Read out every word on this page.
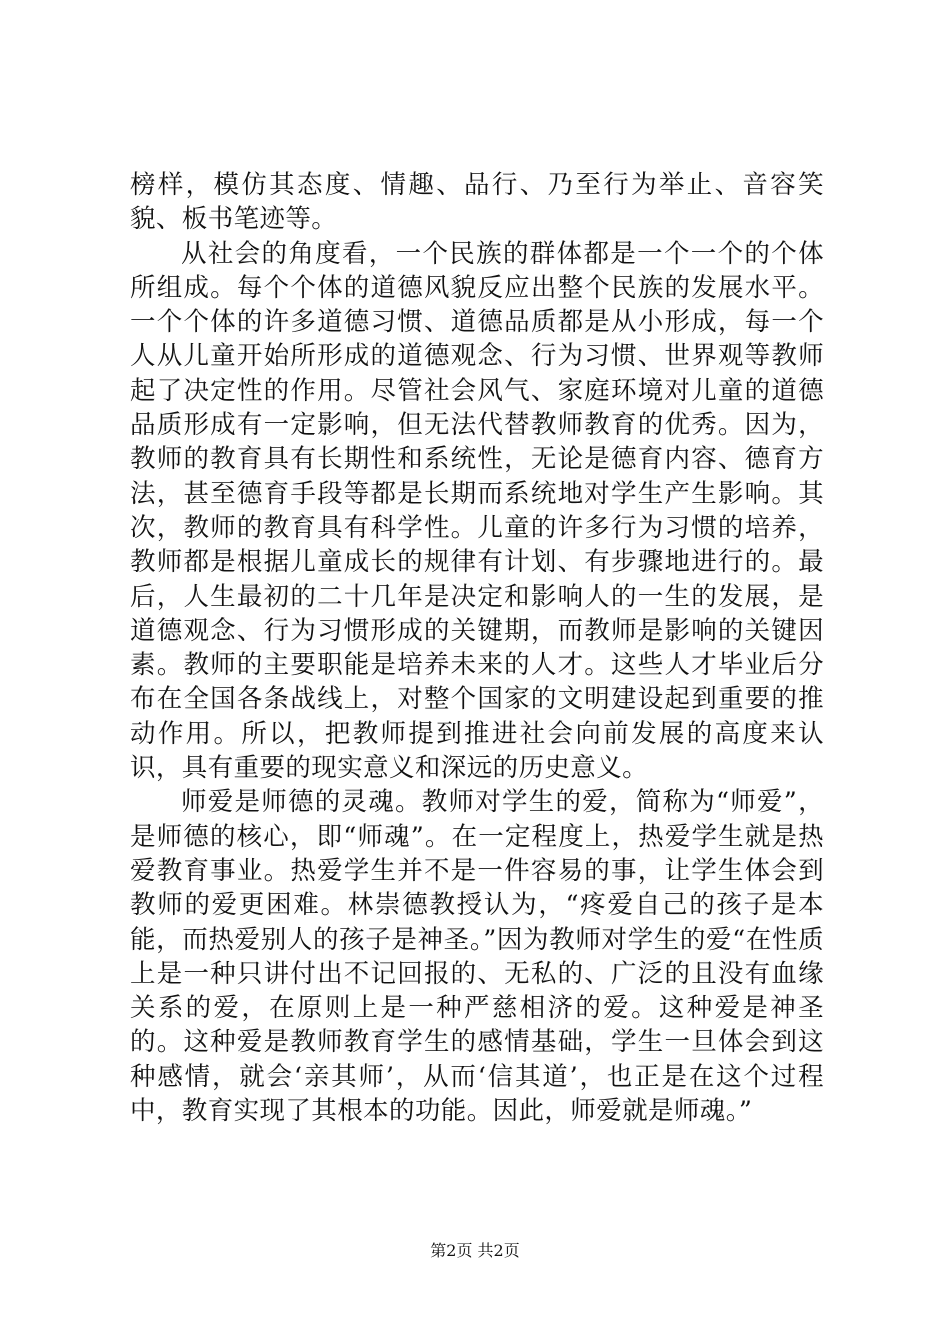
榜样，模仿其态度、情趣、品行、乃至行为举止、音容笑貌、板书笔迹等。

从社会的角度看，一个民族的群体都是一个一个的个体所组成。每个个体的道德风貌反应出整个民族的发展水平。一个个体的许多道德习惯、道德品质都是从小形成，每一个人从儿童开始所形成的道德观念、行为习惯、世界观等教师起了决定性的作用。尽管社会风气、家庭环境对儿童的道德品质形成有一定影响，但无法代替教师教育的优秀。因为，教师的教育具有长期性和系统性，无论是德育内容、德育方法，甚至德育手段等都是长期而系统地对学生产生影响。其次，教师的教育具有科学性。儿童的许多行为习惯的培养，教师都是根据儿童成长的规律有计划、有步骤地进行的。最后，人生最初的二十几年是决定和影响人的一生的发展，是道德观念、行为习惯形成的关键期，而教师是影响的关键因素。教师的主要职能是培养未来的人才。这些人才毕业后分布在全国各条战线上，对整个国家的文明建设起到重要的推动作用。所以，把教师提到推进社会向前发展的高度来认识，具有重要的现实意义和深远的历史意义。

师爱是师德的灵魂。教师对学生的爱，简称为“师爱”，是师德的核心，即“师魂”。在一定程度上，热爱学生就是热爱教育事业。热爱学生并不是一件容易的事，让学生体会到教师的爱更困难。林崇德教授认为，“疼爱自己的孩子是本能，而热爱别人的孩子是神圣。”因为教师对学生的爱“在性质上是一种只讲付出不记回报的、无私的、广泛的且没有血缘关系的爱，在原则上是一种严慈相济的爱。这种爱是神圣的。这种爱是教师教育学生的感情基础，学生一旦体会到这种感情，就会‘亲其师’，从而‘信其道’，也正是在这个过程中，教育实现了其根本的功能。因此，师爱就是师魂。”

第2页 共2页
